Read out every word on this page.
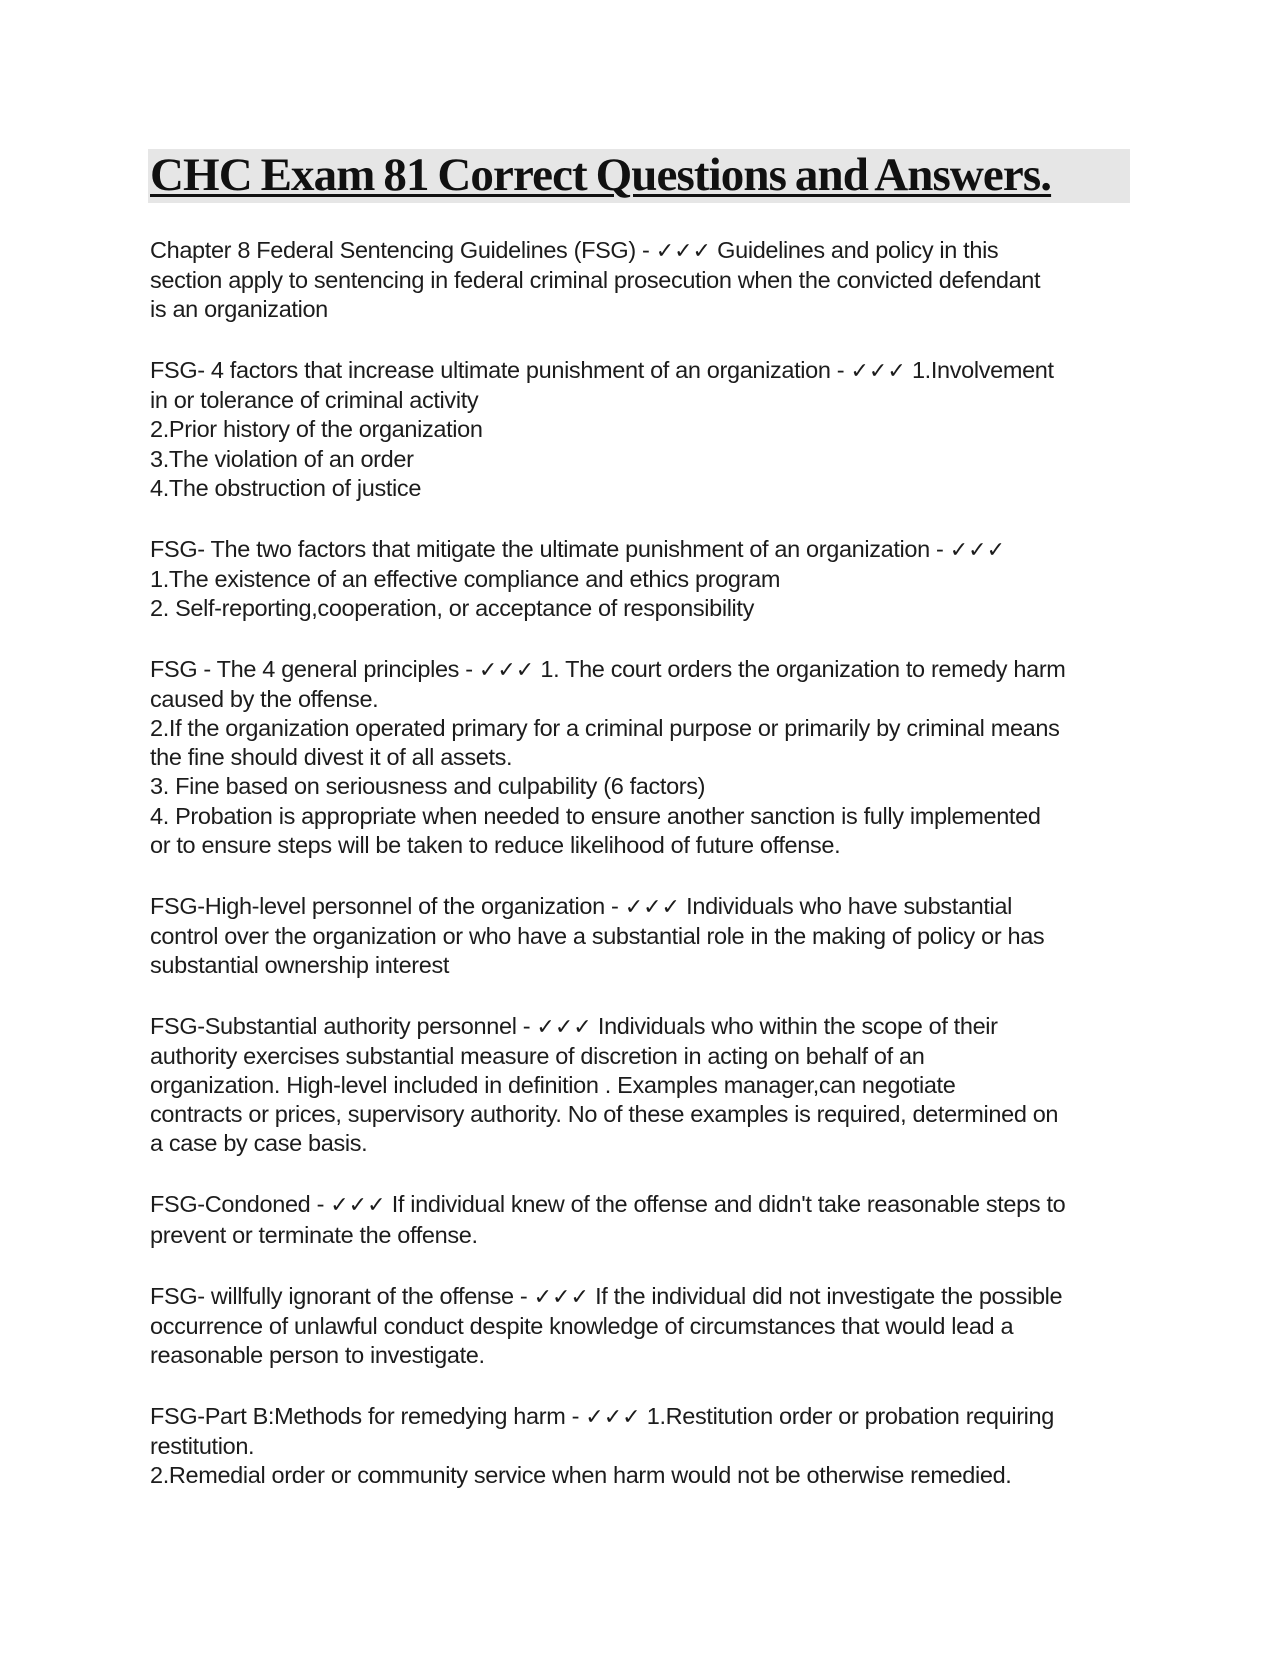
CHC Exam 81 Correct Questions and Answers.

Chapter 8 Federal Sentencing Guidelines (FSG) - ✓✓✓ Guidelines and policy in this
section apply to sentencing in federal criminal prosecution when the convicted defendant
is an organization

FSG- 4 factors that increase ultimate punishment of an organization - ✓✓✓ 1.Involvement
in or tolerance of criminal activity
2.Prior history of the organization
3.The violation of an order
4.The obstruction of justice

FSG- The two factors that mitigate the ultimate punishment of an organization - ✓✓✓
1.The existence of an effective compliance and ethics program
2. Self-reporting,cooperation, or acceptance of responsibility

FSG - The 4 general principles - ✓✓✓ 1. The court orders the organization to remedy harm
caused by the offense.
2.If the organization operated primary for a criminal purpose or primarily by criminal means
the fine should divest it of all assets.
3. Fine based on seriousness and culpability (6 factors)
4. Probation is appropriate when needed to ensure another sanction is fully implemented
or to ensure steps will be taken to reduce likelihood of future offense.

FSG-High-level personnel of the organization - ✓✓✓ Individuals who have substantial
control over the organization or who have a substantial role in the making of policy or has
substantial ownership interest

FSG-Substantial authority personnel - ✓✓✓ Individuals who within the scope of their
authority exercises substantial measure of discretion in acting on behalf of an
organization. High-level included in definition . Examples manager,can negotiate
contracts or prices, supervisory authority. No of these examples is required, determined on
a case by case basis.

FSG-Condoned - ✓✓✓ If individual knew of the offense and didn't take reasonable steps to
prevent or terminate the offense.

FSG- willfully ignorant of the offense - ✓✓✓ If the individual did not investigate the possible
occurrence of unlawful conduct despite knowledge of circumstances that would lead a
reasonable person to investigate.

FSG-Part B:Methods for remedying harm - ✓✓✓ 1.Restitution order or probation requiring
restitution.
2.Remedial order or community service when harm would not be otherwise remedied.
